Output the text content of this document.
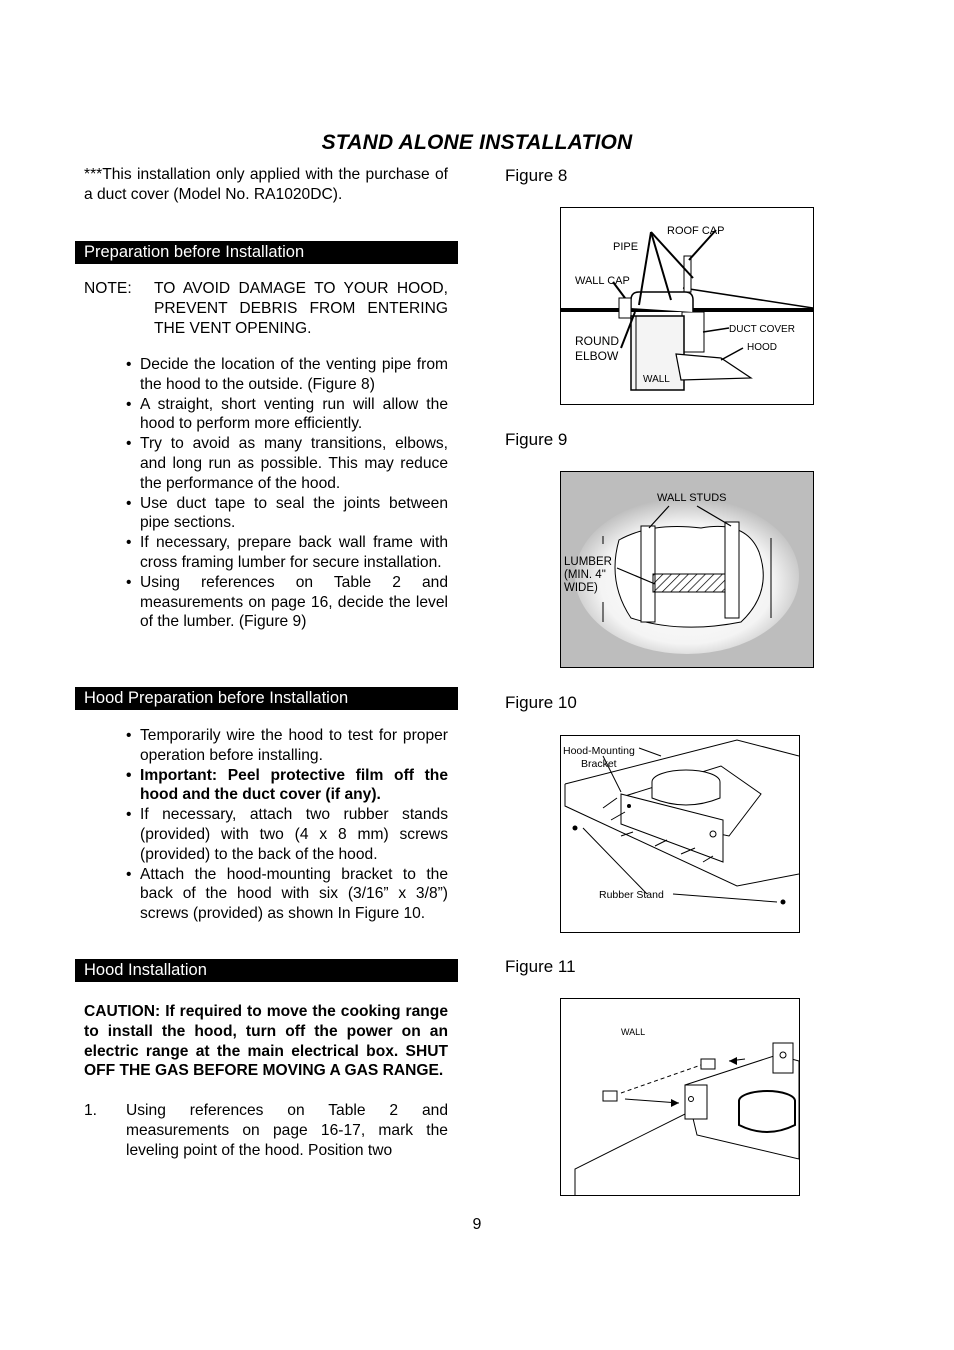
STAND ALONE INSTALLATION
***This installation only applied with the purchase of a duct cover (Model No. RA1020DC).
Preparation before Installation
NOTE: TO AVOID DAMAGE TO YOUR HOOD, PREVENT DEBRIS FROM ENTERING THE VENT OPENING.
• Decide the location of the venting pipe from the hood to the outside. (Figure 8)
• A straight, short venting run will allow the hood to perform more efficiently.
• Try to avoid as many transitions, elbows, and long run as possible. This may reduce the performance of the hood.
• Use duct tape to seal the joints between pipe sections.
• If necessary, prepare back wall frame with cross framing lumber for secure installation.
• Using references on Table 2 and measurements on page 16, decide the level of the lumber. (Figure 9)
Hood Preparation before Installation
• Temporarily wire the hood to test for proper operation before installing.
• Important: Peel protective film off the hood and the duct cover (if any).
• If necessary, attach two rubber stands (provided) with two (4 x 8 mm) screws (provided) to the back of the hood.
• Attach the hood-mounting bracket to the back of the hood with six (3/16” x 3/8”) screws (provided) as shown In Figure 10.
Hood Installation
CAUTION: If required to move the cooking range to install the hood, turn off the power on an electric range at the main electrical box. SHUT OFF THE GAS BEFORE MOVING A GAS RANGE.
1. Using references on Table 2 and measurements on page 16-17, mark the leveling point of the hood. Position two
Figure 8
ROOF CAP
PIPE
WALL CAP
DUCT COVER
ROUND
ELBOW
HOOD
WALL
Figure 9
WALL STUDS
LUMBER
(MIN. 4"
WIDE)
Figure 10
Hood-Mounting
Bracket
Rubber Stand
Figure 11
WALL
9
